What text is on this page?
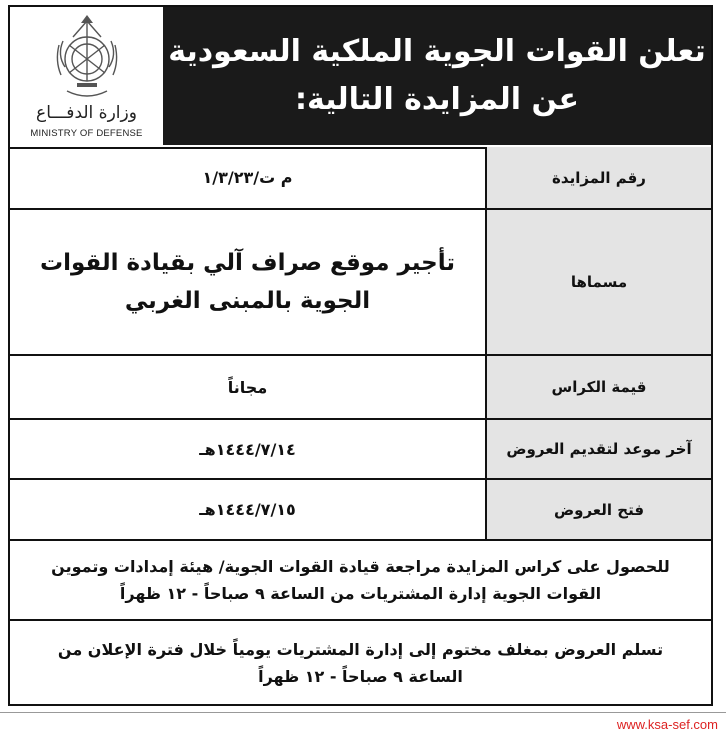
وزارة الدفـــاع
MINISTRY OF DEFENSE
تعلن القوات الجوية الملكية السعودية
عن المزايدة التالية:
رقم المزايدة
م ت/١/٣/٢٣
مسماها
تأجير موقع صراف آلي بقيادة القوات
الجوية بالمبنى الغربي
قيمة الكراس
مجاناً
آخر موعد لتقديم العروض
١٤٤٤/٧/١٤هـ
فتح العروض
١٤٤٤/٧/١٥هـ
للحصول على كراس المزايدة مراجعة قيادة القوات الجوية/ هيئة إمدادات وتموين
القوات الجوية إدارة المشتريات من الساعة ٩ صباحاً - ١٢ ظهراً
تسلم العروض بمغلف مختوم إلى إدارة المشتريات يومياً خلال فترة الإعلان من
الساعة ٩ صباحاً - ١٢ ظهراً
www.ksa-sef.com
